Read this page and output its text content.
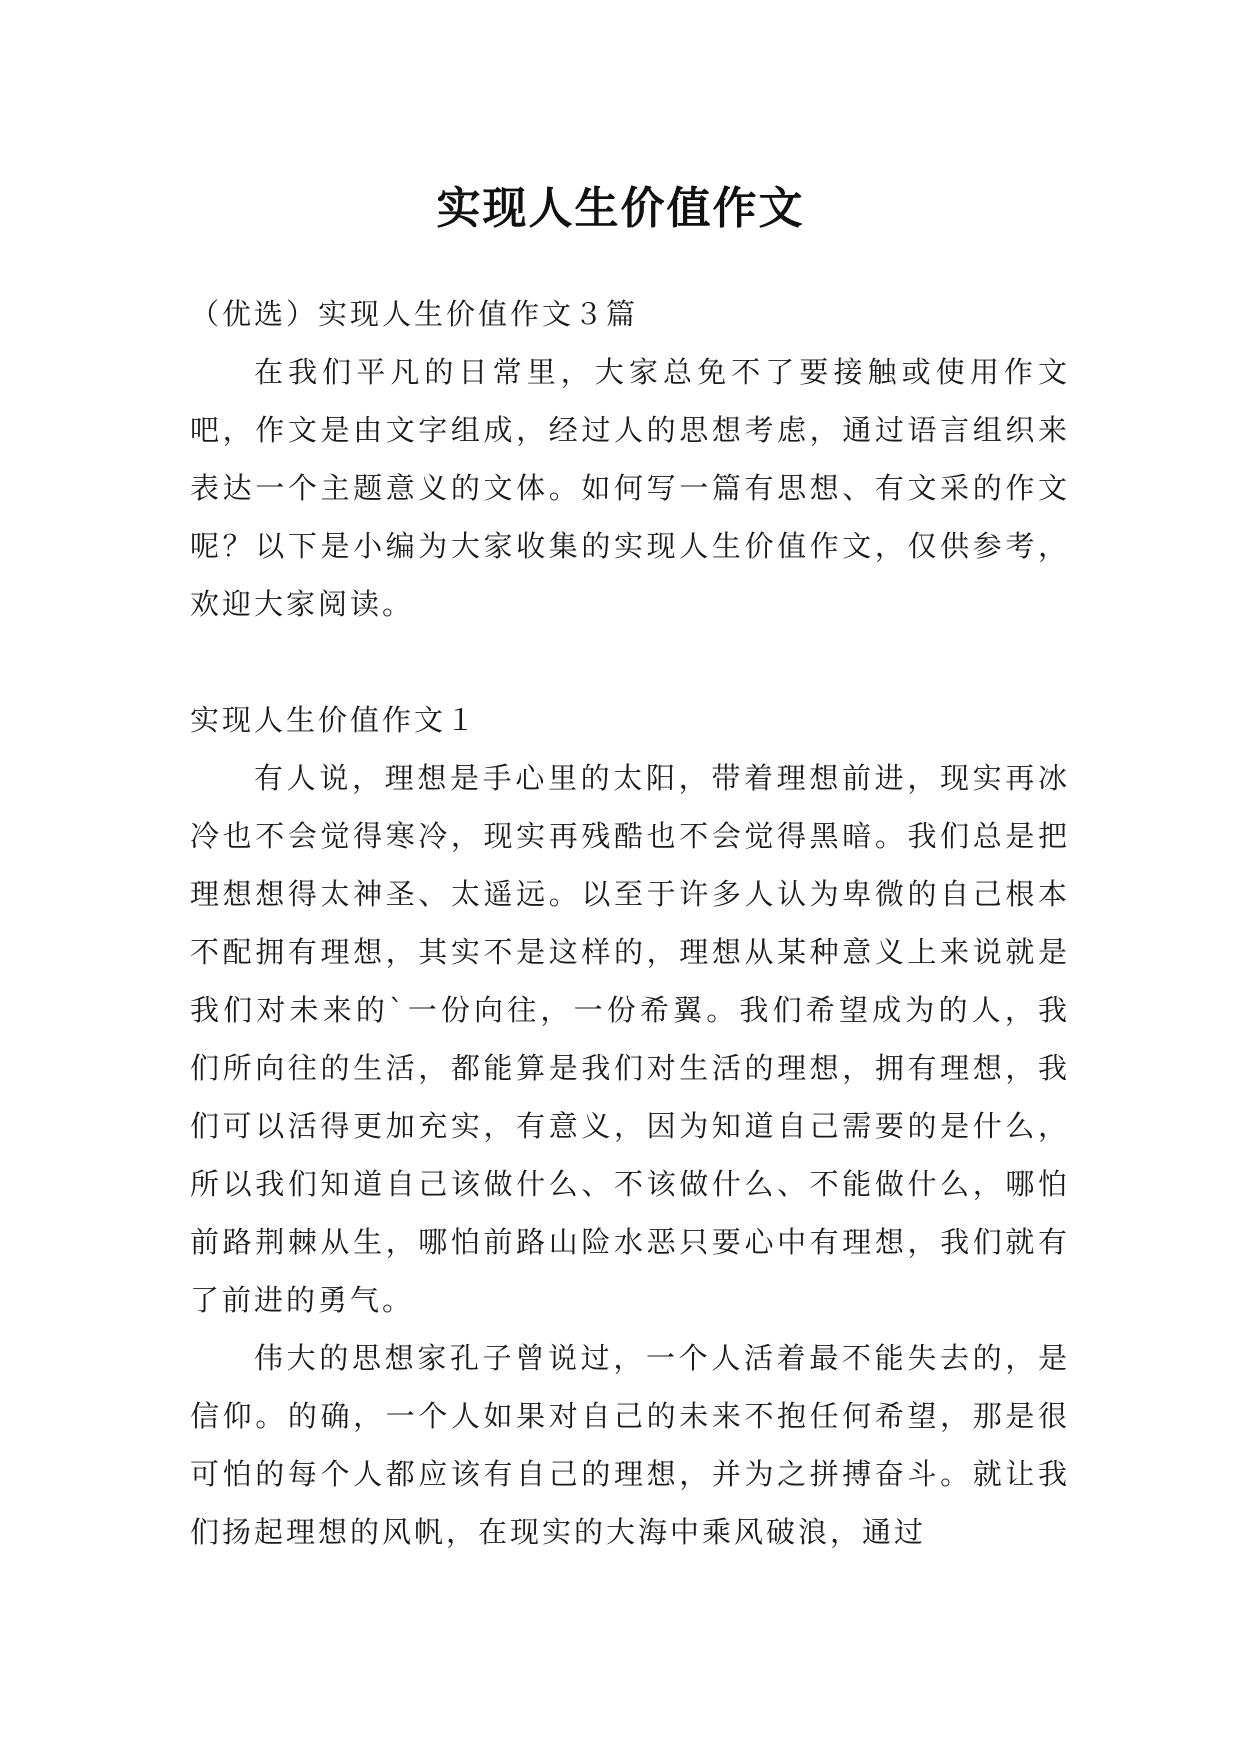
实现人生价值作文

（优选）实现人生价值作文３篇

在我们平凡的日常里，大家总免不了要接触或使用作文吧，作文是由文字组成，经过人的思想考虑，通过语言组织来表达一个主题意义的文体。如何写一篇有思想、有文采的作文呢？以下是小编为大家收集的实现人生价值作文，仅供参考，欢迎大家阅读。

实现人生价值作文１

有人说，理想是手心里的太阳，带着理想前进，现实再冰冷也不会觉得寒冷，现实再残酷也不会觉得黑暗。我们总是把理想想得太神圣、太遥远。以至于许多人认为卑微的自己根本不配拥有理想，其实不是这样的，理想从某种意义上来说就是我们对未来的`一份向往，一份希翼。我们希望成为的人，我们所向往的生活，都能算是我们对生活的理想，拥有理想，我们可以活得更加充实，有意义，因为知道自己需要的是什么，所以我们知道自己该做什么、不该做什么、不能做什么，哪怕前路荆棘从生，哪怕前路山险水恶只要心中有理想，我们就有了前进的勇气。

伟大的思想家孔子曾说过，一个人活着最不能失去的，是信仰。的确，一个人如果对自己的未来不抱任何希望，那是很可怕的每个人都应该有自己的理想，并为之拼搏奋斗。就让我们扬起理想的风帆，在现实的大海中乘风破浪，通过
